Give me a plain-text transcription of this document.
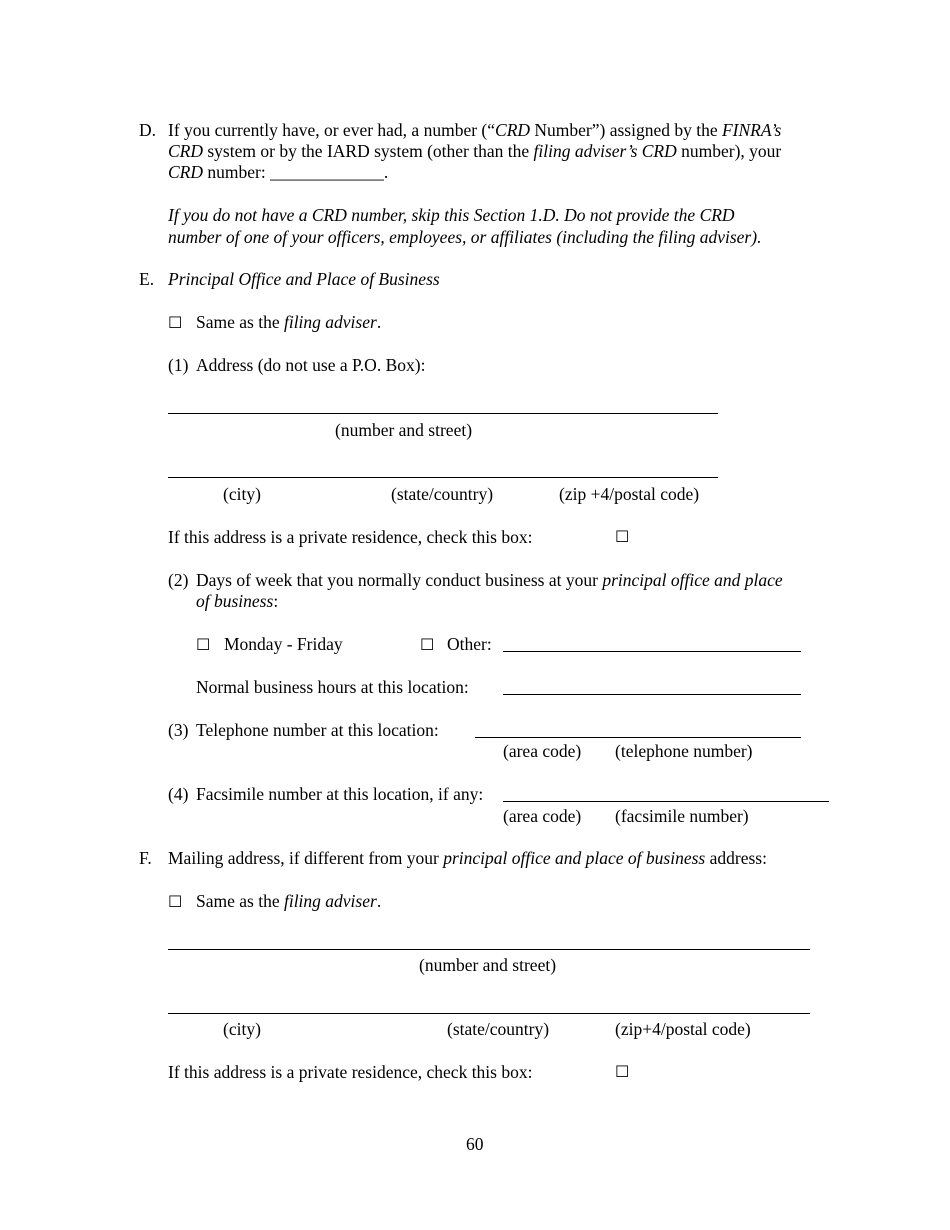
D. If you currently have, or ever had, a number (“CRD Number”) assigned by the FINRA’s
CRD system or by the IARD system (other than the filing adviser’s CRD number), your
CRD number: _____________.
If you do not have a CRD number, skip this Section 1.D. Do not provide the CRD
number of one of your officers, employees, or affiliates (including the filing adviser).
E. Principal Office and Place of Business
☐ Same as the filing adviser.
(1) Address (do not use a P.O. Box):
(number and street)
(city)	(state/country)	(zip +4/postal code)
If this address is a private residence, check this box:	☐
(2) Days of week that you normally conduct business at your principal office and place
of business:
☐ Monday - Friday	☐ Other:
Normal business hours at this location:
(3) Telephone number at this location:
(area code) (telephone number)
(4) Facsimile number at this location, if any:
(area code) (facsimile number)
F. Mailing address, if different from your principal office and place of business address:
☐ Same as the filing adviser.
(number and street)
(city)	(state/country)	(zip+4/postal code)
If this address is a private residence, check this box:	☐
60
